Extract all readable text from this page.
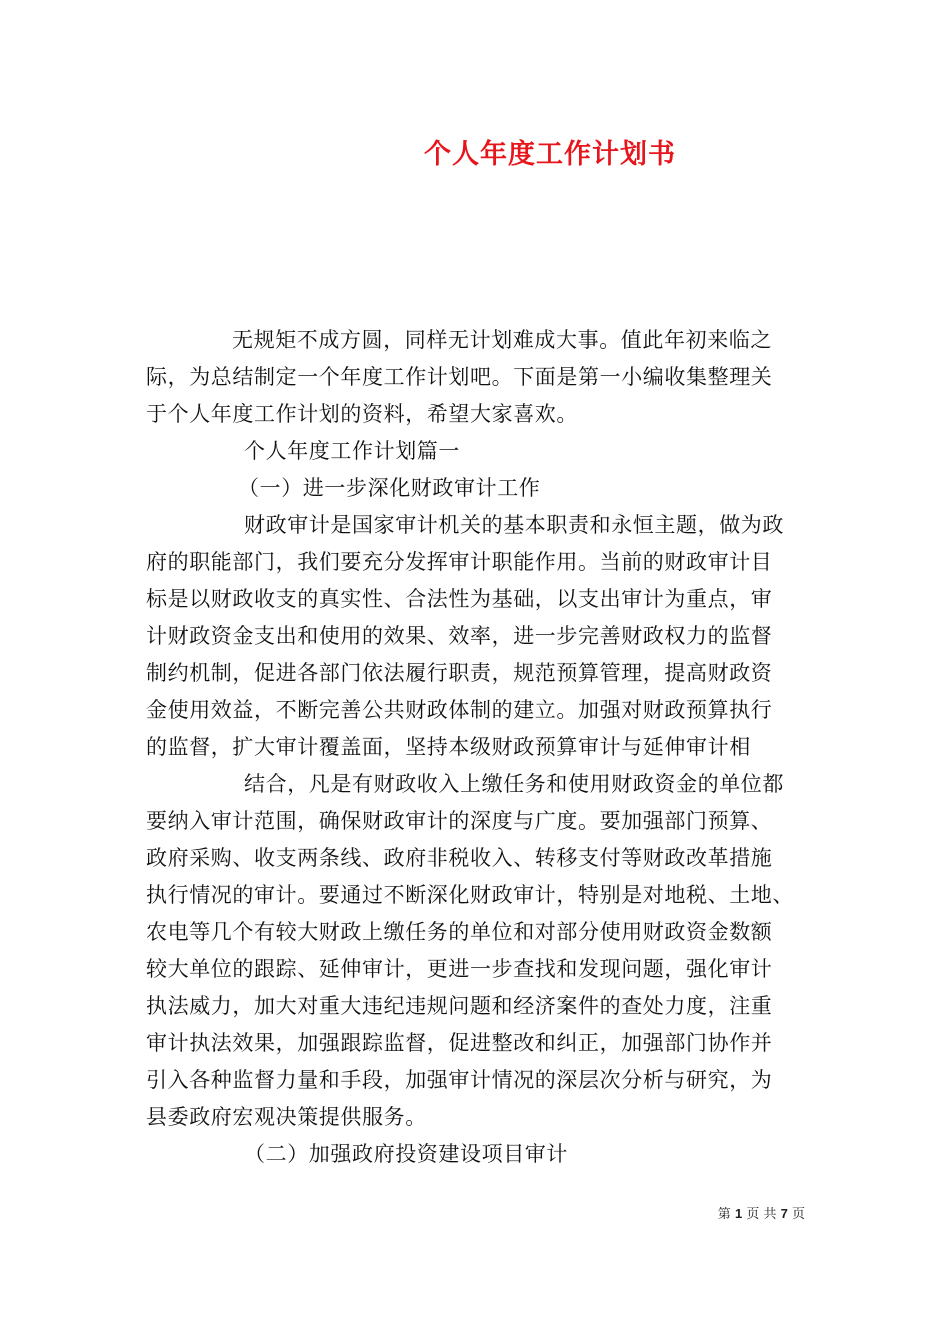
个人年度工作计划书
无规矩不成方圆，同样无计划难成大事。值此年初来临之
际，为总结制定一个年度工作计划吧。下面是第一小编收集整理关
于个人年度工作计划的资料，希望大家喜欢。
个人年度工作计划篇一
（一）进一步深化财政审计工作
财政审计是国家审计机关的基本职责和永恒主题，做为政
府的职能部门，我们要充分发挥审计职能作用。当前的财政审计目
标是以财政收支的真实性、合法性为基础，以支出审计为重点，审
计财政资金支出和使用的效果、效率，进一步完善财政权力的监督
制约机制，促进各部门依法履行职责，规范预算管理，提高财政资
金使用效益，不断完善公共财政体制的建立。加强对财政预算执行
的监督，扩大审计覆盖面，坚持本级财政预算审计与延伸审计相
结合，凡是有财政收入上缴任务和使用财政资金的单位都
要纳入审计范围，确保财政审计的深度与广度。要加强部门预算、
政府采购、收支两条线、政府非税收入、转移支付等财政改革措施
执行情况的审计。要通过不断深化财政审计，特别是对地税、土地、
农电等几个有较大财政上缴任务的单位和对部分使用财政资金数额
较大单位的跟踪、延伸审计，更进一步查找和发现问题，强化审计
执法威力，加大对重大违纪违规问题和经济案件的查处力度，注重
审计执法效果，加强跟踪监督，促进整改和纠正，加强部门协作并
引入各种监督力量和手段，加强审计情况的深层次分析与研究，为
县委政府宏观决策提供服务。
（二）加强政府投资建设项目审计
第 1 页 共 7 页
